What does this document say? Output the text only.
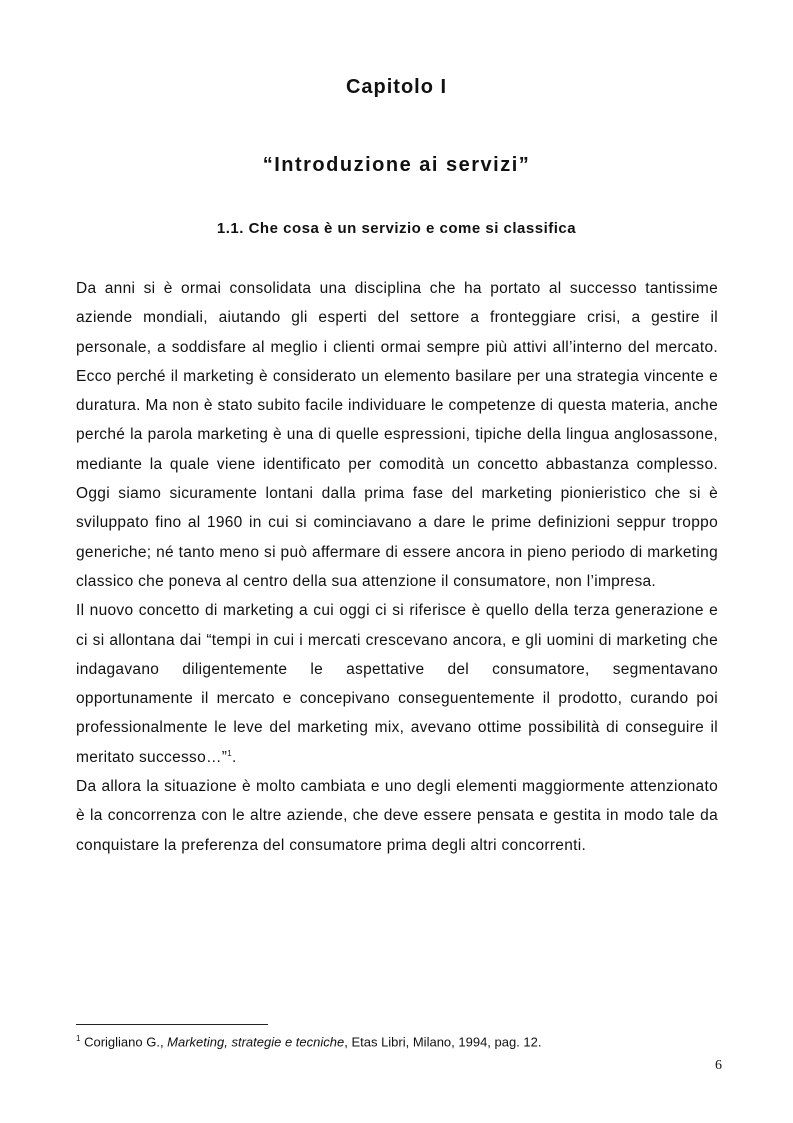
Capitolo I
“Introduzione ai servizi”
1.1. Che cosa è un servizio e come si classifica

Da anni si è ormai consolidata una disciplina che ha portato al successo tantissime aziende mondiali, aiutando gli esperti del settore a fronteggiare crisi, a gestire il personale, a soddisfare al meglio i clienti ormai sempre più attivi all’interno del mercato. Ecco perché il marketing è considerato un elemento basilare per una strategia vincente e duratura. Ma non è stato subito facile individuare le competenze di questa materia, anche perché la parola marketing è una di quelle espressioni, tipiche della lingua anglosassone, mediante la quale viene identificato per comodità un concetto abbastanza complesso. Oggi siamo sicuramente lontani dalla prima fase del marketing pionieristico che si è sviluppato fino al 1960 in cui si cominciavano a dare le prime definizioni seppur troppo generiche; né tanto meno si può affermare di essere ancora in pieno periodo di marketing classico che poneva al centro della sua attenzione il consumatore, non l’impresa.

Il nuovo concetto di marketing a cui oggi ci si riferisce è quello della terza generazione e ci si allontana dai “tempi in cui i mercati crescevano ancora, e gli uomini di marketing che indagavano diligentemente le aspettative del consumatore, segmentavano opportunamente il mercato e concepivano conseguentemente il prodotto, curando poi professionalmente le leve del marketing mix, avevano ottime possibilità di conseguire il meritato successo…”$^1$.

Da allora la situazione è molto cambiata e uno degli elementi maggiormente attenzionato è la concorrenza con le altre aziende, che deve essere pensata e gestita in modo tale da conquistare la preferenza del consumatore prima degli altri concorrenti.

$^1$ Corigliano G., Marketing, strategie e tecniche, Etas Libri, Milano, 1994, pag. 12.
6
